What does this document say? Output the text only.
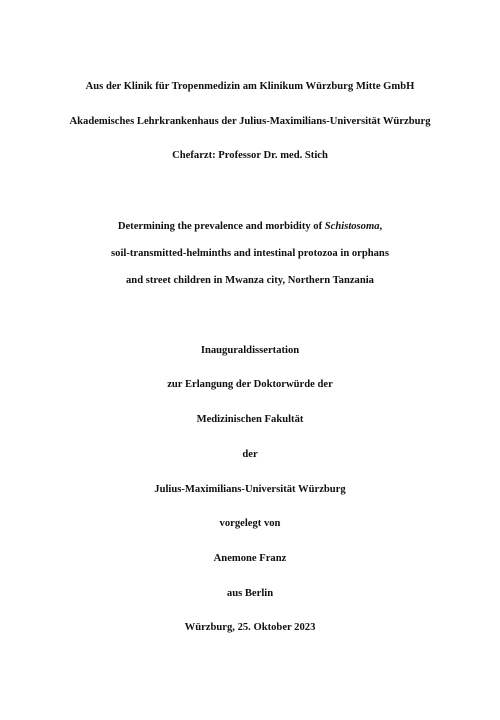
Aus der Klinik für Tropenmedizin am Klinikum Würzburg Mitte GmbH
Akademisches Lehrkrankenhaus der Julius-Maximilians-Universität Würzburg
Chefarzt: Professor Dr. med. Stich
Determining the prevalence and morbidity of Schistosoma,
soil-transmitted-helminths and intestinal protozoa in orphans
and street children in Mwanza city, Northern Tanzania
Inauguraldissertation
zur Erlangung der Doktorwürde der
Medizinischen Fakultät
der
Julius-Maximilians-Universität Würzburg
vorgelegt von
Anemone Franz
aus Berlin
Würzburg, 25. Oktober 2023
